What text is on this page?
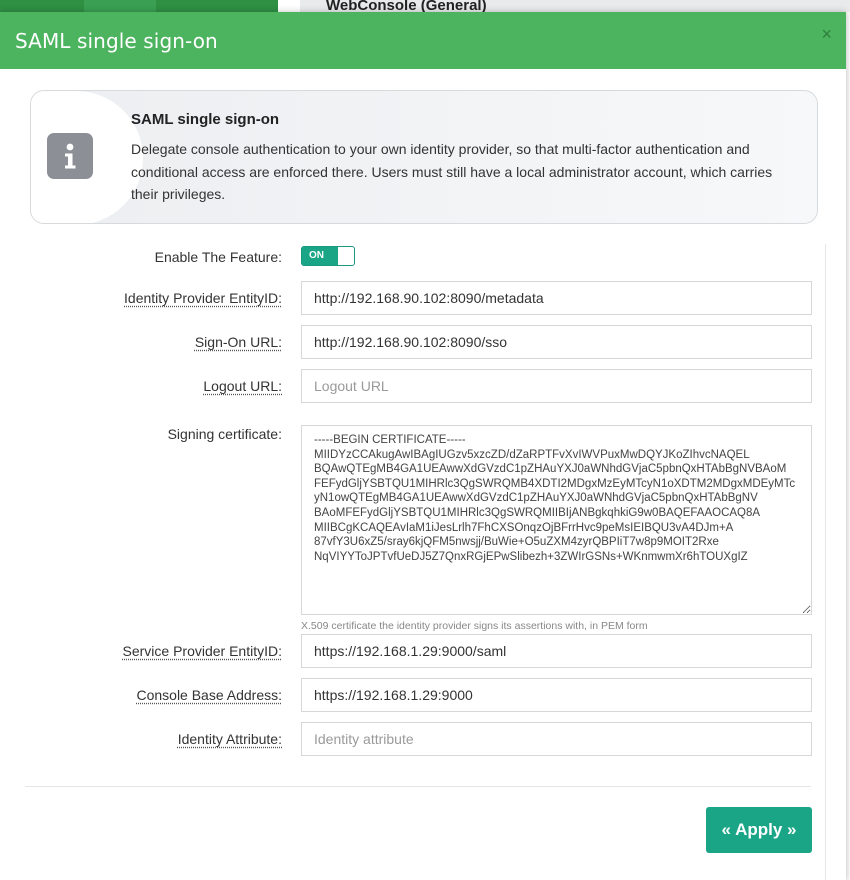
WebConsole (General)
SAML single sign-on	×
SAML single sign-on
Delegate console authentication to your own identity provider, so that multi-factor authentication and conditional access are enforced there. Users must still have a local administrator account, which carries their privileges.
Enable The Feature:	ON
Identity Provider EntityID:
http://192.168.90.102:8090/metadata
Sign-On URL:
http://192.168.90.102:8090/sso
Logout URL:
Logout URL
Signing certificate:
-----BEGIN CERTIFICATE----- MIIDYzCCAkugAwIBAgIUGzv5xzcZD/dZaRPTFvXvIWVPuxMwDQYJKoZIhvcNAQEL BQAwQTEgMB4GA1UEAwwXdGVzdC1pZHAuYXJ0aWNhdGVjaC5pbnQxHTAbBgNVBAoM FEFydGljYSBTQU1MIHRlc3QgSWRQMB4XDTI2MDgxMzEyMTcyN1oXDTM2MDgxMDEyMTcyN1owQTEgMB4GA1UEAwwXdGVzdC1pZHAuYXJ0aWNhdGVjaC5pbnQxHTAbBgNV BAoMFEFydGljYSBTQU1MIHRlc3QgSWRQMIIBIjANBgkqhkiG9w0BAQEFAAOCAQ8A MIIBCgKCAQEAvIaM1iJesLrlh7FhCXSOnqzOjBFrrHvc9peMsIEIBQU3vA4DJm+A 87vfY3U6xZ5/sray6kjQFM5nwsjj/BuWie+O5uZXM4zyrQBPIiT7w8p9MOIT2Rxe NqVIYYToJPTvfUeDJ5Z7QnxRGjEPwSlibezh+3ZWIrGSNs+WKnmwmXr6hTOUXgIZ
X.509 certificate the identity provider signs its assertions with, in PEM form
Service Provider EntityID:
https://192.168.1.29:9000/saml
Console Base Address:
https://192.168.1.29:9000
Identity Attribute:
Identity attribute
« Apply »
